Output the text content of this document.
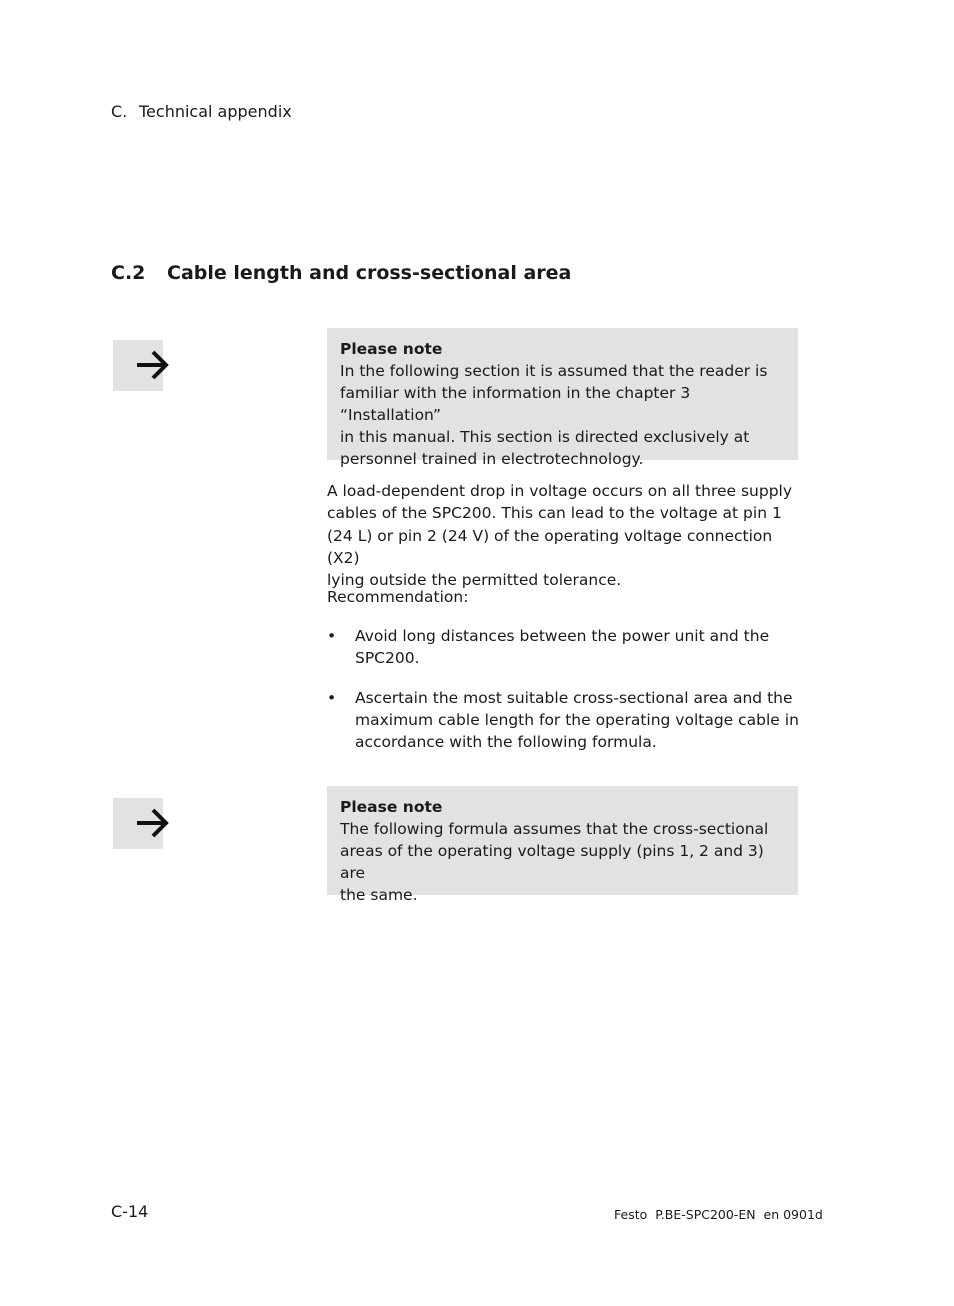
C. Technical appendix
C.2 Cable length and cross-sectional area
Please note
In the following section it is assumed that the reader is
familiar with the information in the chapter 3 “Installation”
in this manual. This section is directed exclusively at
personnel trained in electrotechnology.
A load-dependent drop in voltage occurs on all three supply
cables of the SPC200. This can lead to the voltage at pin 1
(24 L) or pin 2 (24 V) of the operating voltage connection (X2)
lying outside the permitted tolerance.
Recommendation:
• Avoid long distances between the power unit and the
SPC200.
• Ascertain the most suitable cross-sectional area and the
maximum cable length for the operating voltage cable in
accordance with the following formula.
Please note
The following formula assumes that the cross-sectional
areas of the operating voltage supply (pins 1, 2 and 3) are
the same.
C-14	Festo  P.BE-SPC200-EN  en 0901d
